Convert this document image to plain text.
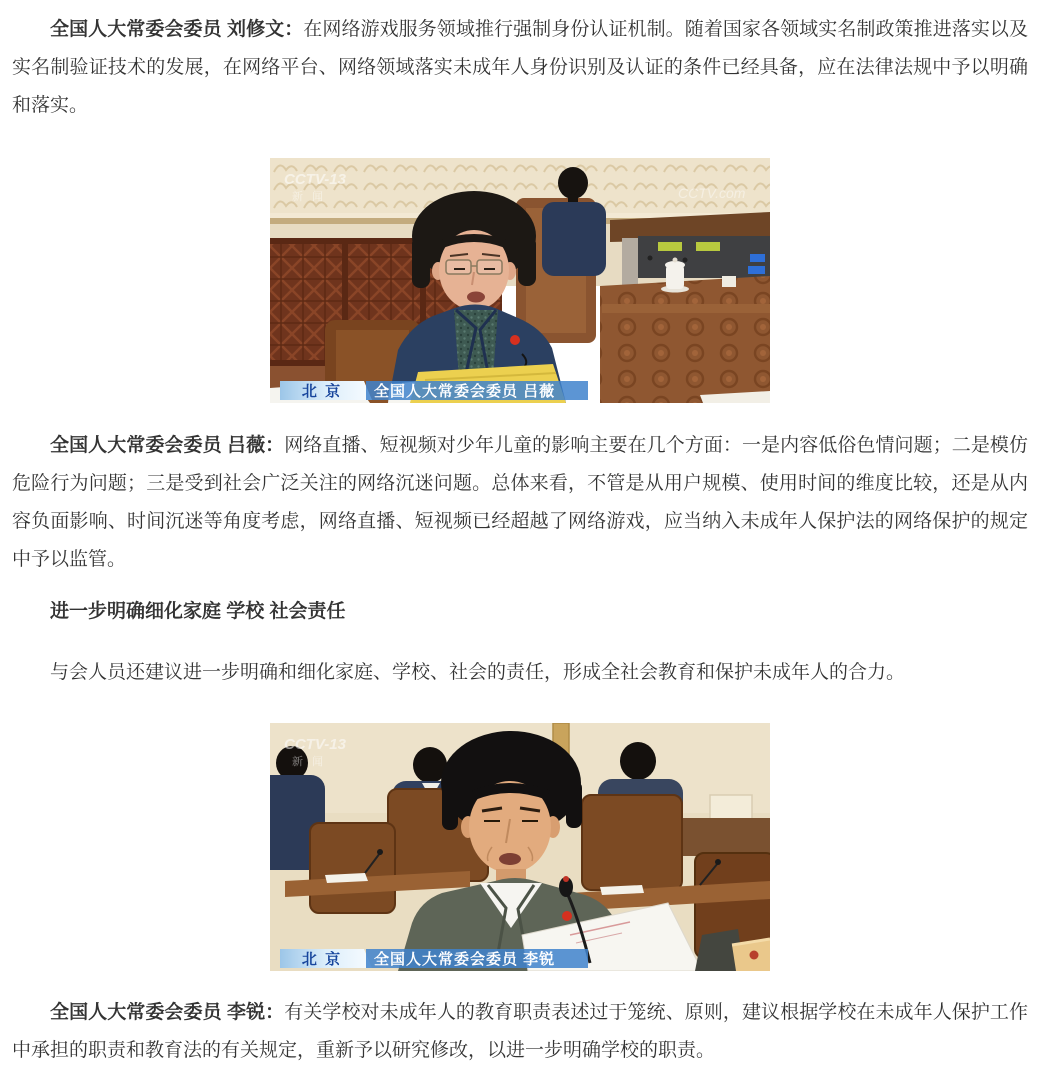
全国人大常委会委员 刘修文：在网络游戏服务领域推行强制身份认证机制。随着国家各领域实名制政策推进落实以及实名制验证技术的发展，在网络平台、网络领域落实未成年人身份识别及认证的条件已经具备，应在法律法规中予以明确和落实。

CCTV-13
新 闻	CCTV.com
北 京 全国人大常委会委员 吕薇

全国人大常委会委员 吕薇：网络直播、短视频对少年儿童的影响主要在几个方面：一是内容低俗色情问题；二是模仿危险行为问题；三是受到社会广泛关注的网络沉迷问题。总体来看，不管是从用户规模、使用时间的维度比较，还是从内容负面影响、时间沉迷等角度考虑，网络直播、短视频已经超越了网络游戏，应当纳入未成年人保护法的网络保护的规定中予以监管。

进一步明确细化家庭 学校 社会责任

与会人员还建议进一步明确和细化家庭、学校、社会的责任，形成全社会教育和保护未成年人的合力。

CCTV-13
新 闻
北 京 全国人大常委会委员 李锐

全国人大常委会委员 李锐：有关学校对未成年人的教育职责表述过于笼统、原则，建议根据学校在未成年人保护工作中承担的职责和教育法的有关规定，重新予以研究修改，以进一步明确学校的职责。
